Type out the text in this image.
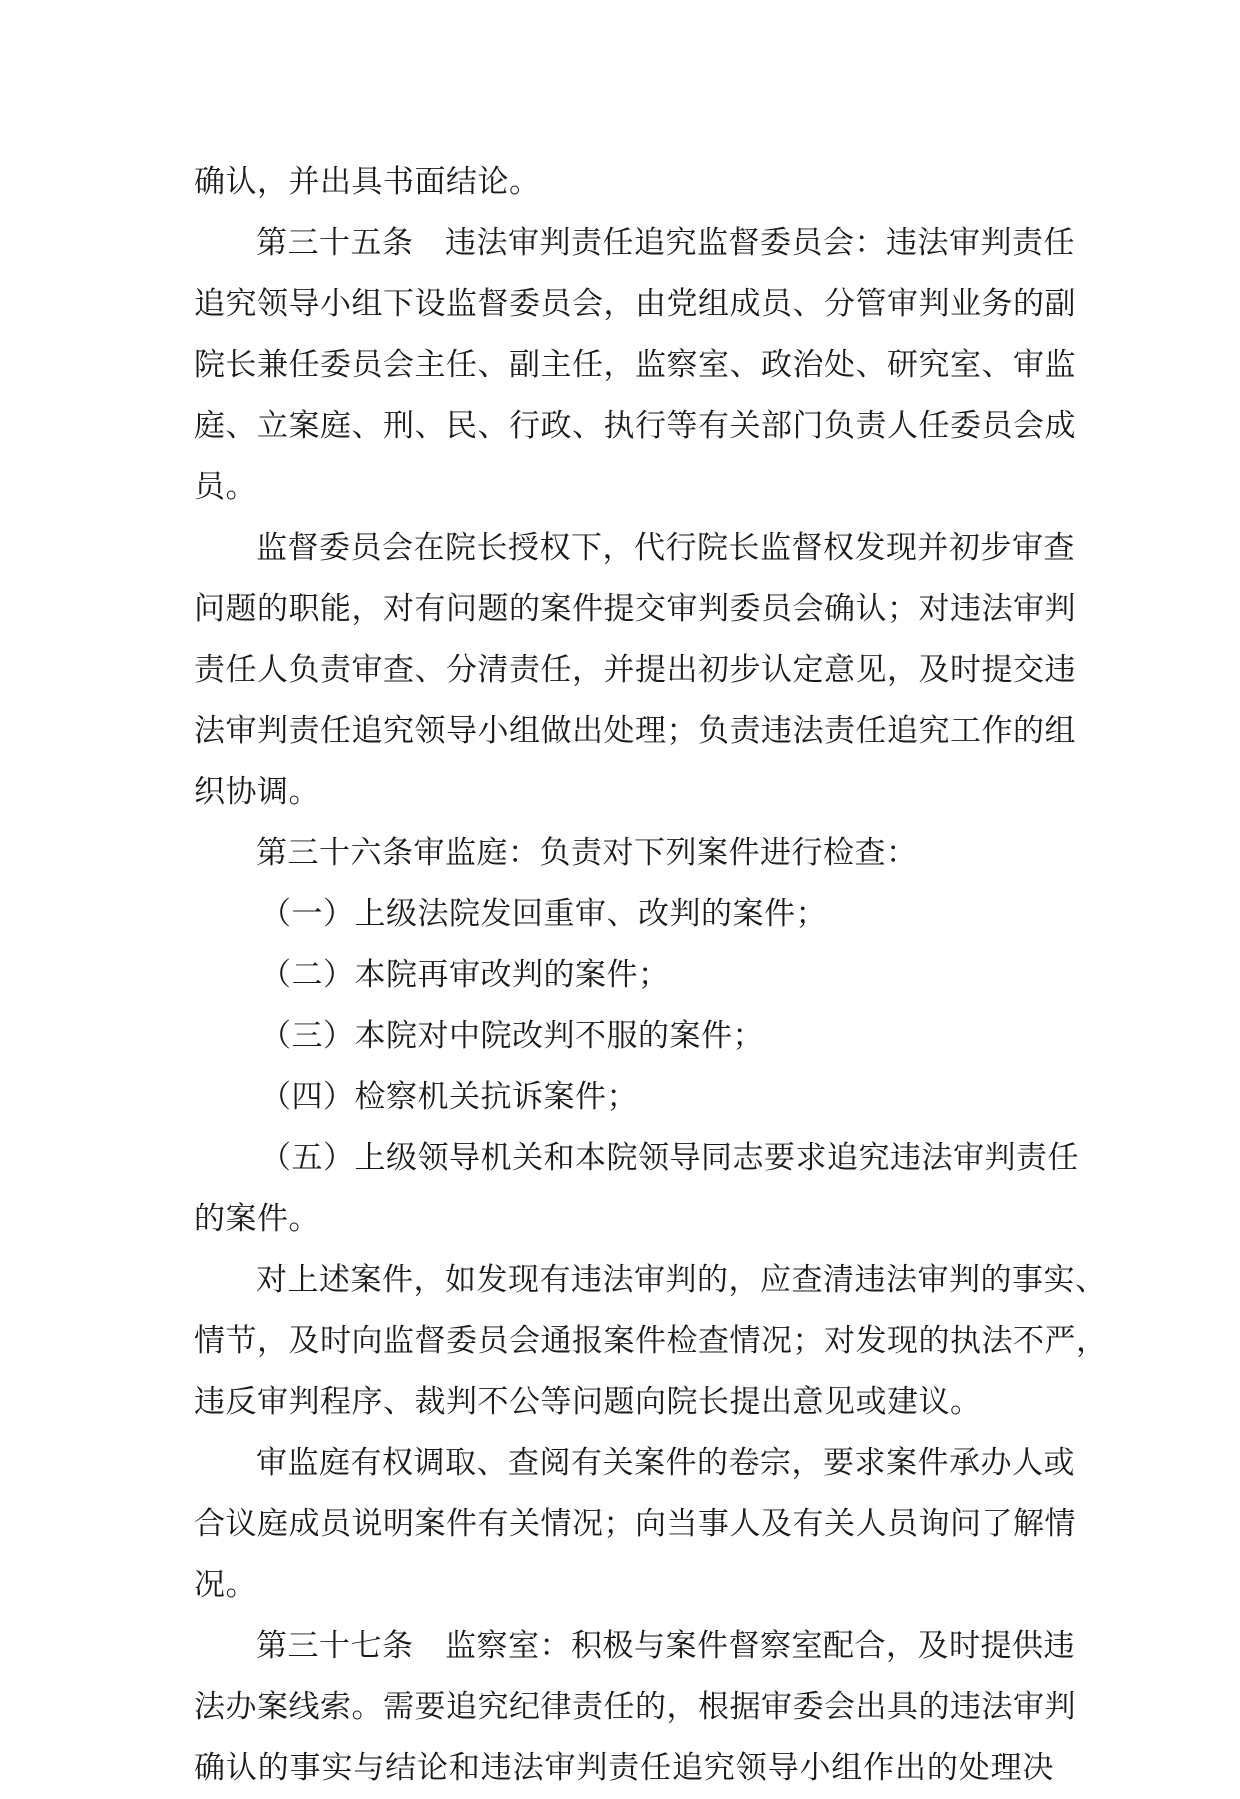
确认，并出具书面结论。
第三十五条　违法审判责任追究监督委员会：违法审判责任
追究领导小组下设监督委员会，由党组成员、分管审判业务的副
院长兼任委员会主任、副主任，监察室、政治处、研究室、审监
庭、立案庭、刑、民、行政、执行等有关部门负责人任委员会成
员。
监督委员会在院长授权下，代行院长监督权发现并初步审查
问题的职能，对有问题的案件提交审判委员会确认；对违法审判
责任人负责审查、分清责任，并提出初步认定意见，及时提交违
法审判责任追究领导小组做出处理；负责违法责任追究工作的组
织协调。
第三十六条审监庭：负责对下列案件进行检查：
（一）上级法院发回重审、改判的案件；
（二）本院再审改判的案件；
（三）本院对中院改判不服的案件；
（四）检察机关抗诉案件；
（五）上级领导机关和本院领导同志要求追究违法审判责任
的案件。
对上述案件，如发现有违法审判的，应查清违法审判的事实、
情节，及时向监督委员会通报案件检查情况；对发现的执法不严，
违反审判程序、裁判不公等问题向院长提出意见或建议。
审监庭有权调取、查阅有关案件的卷宗，要求案件承办人或
合议庭成员说明案件有关情况；向当事人及有关人员询问了解情
况。
第三十七条　监察室：积极与案件督察室配合，及时提供违
法办案线索。需要追究纪律责任的，根据审委会出具的违法审判
确认的事实与结论和违法审判责任追究领导小组作出的处理决
